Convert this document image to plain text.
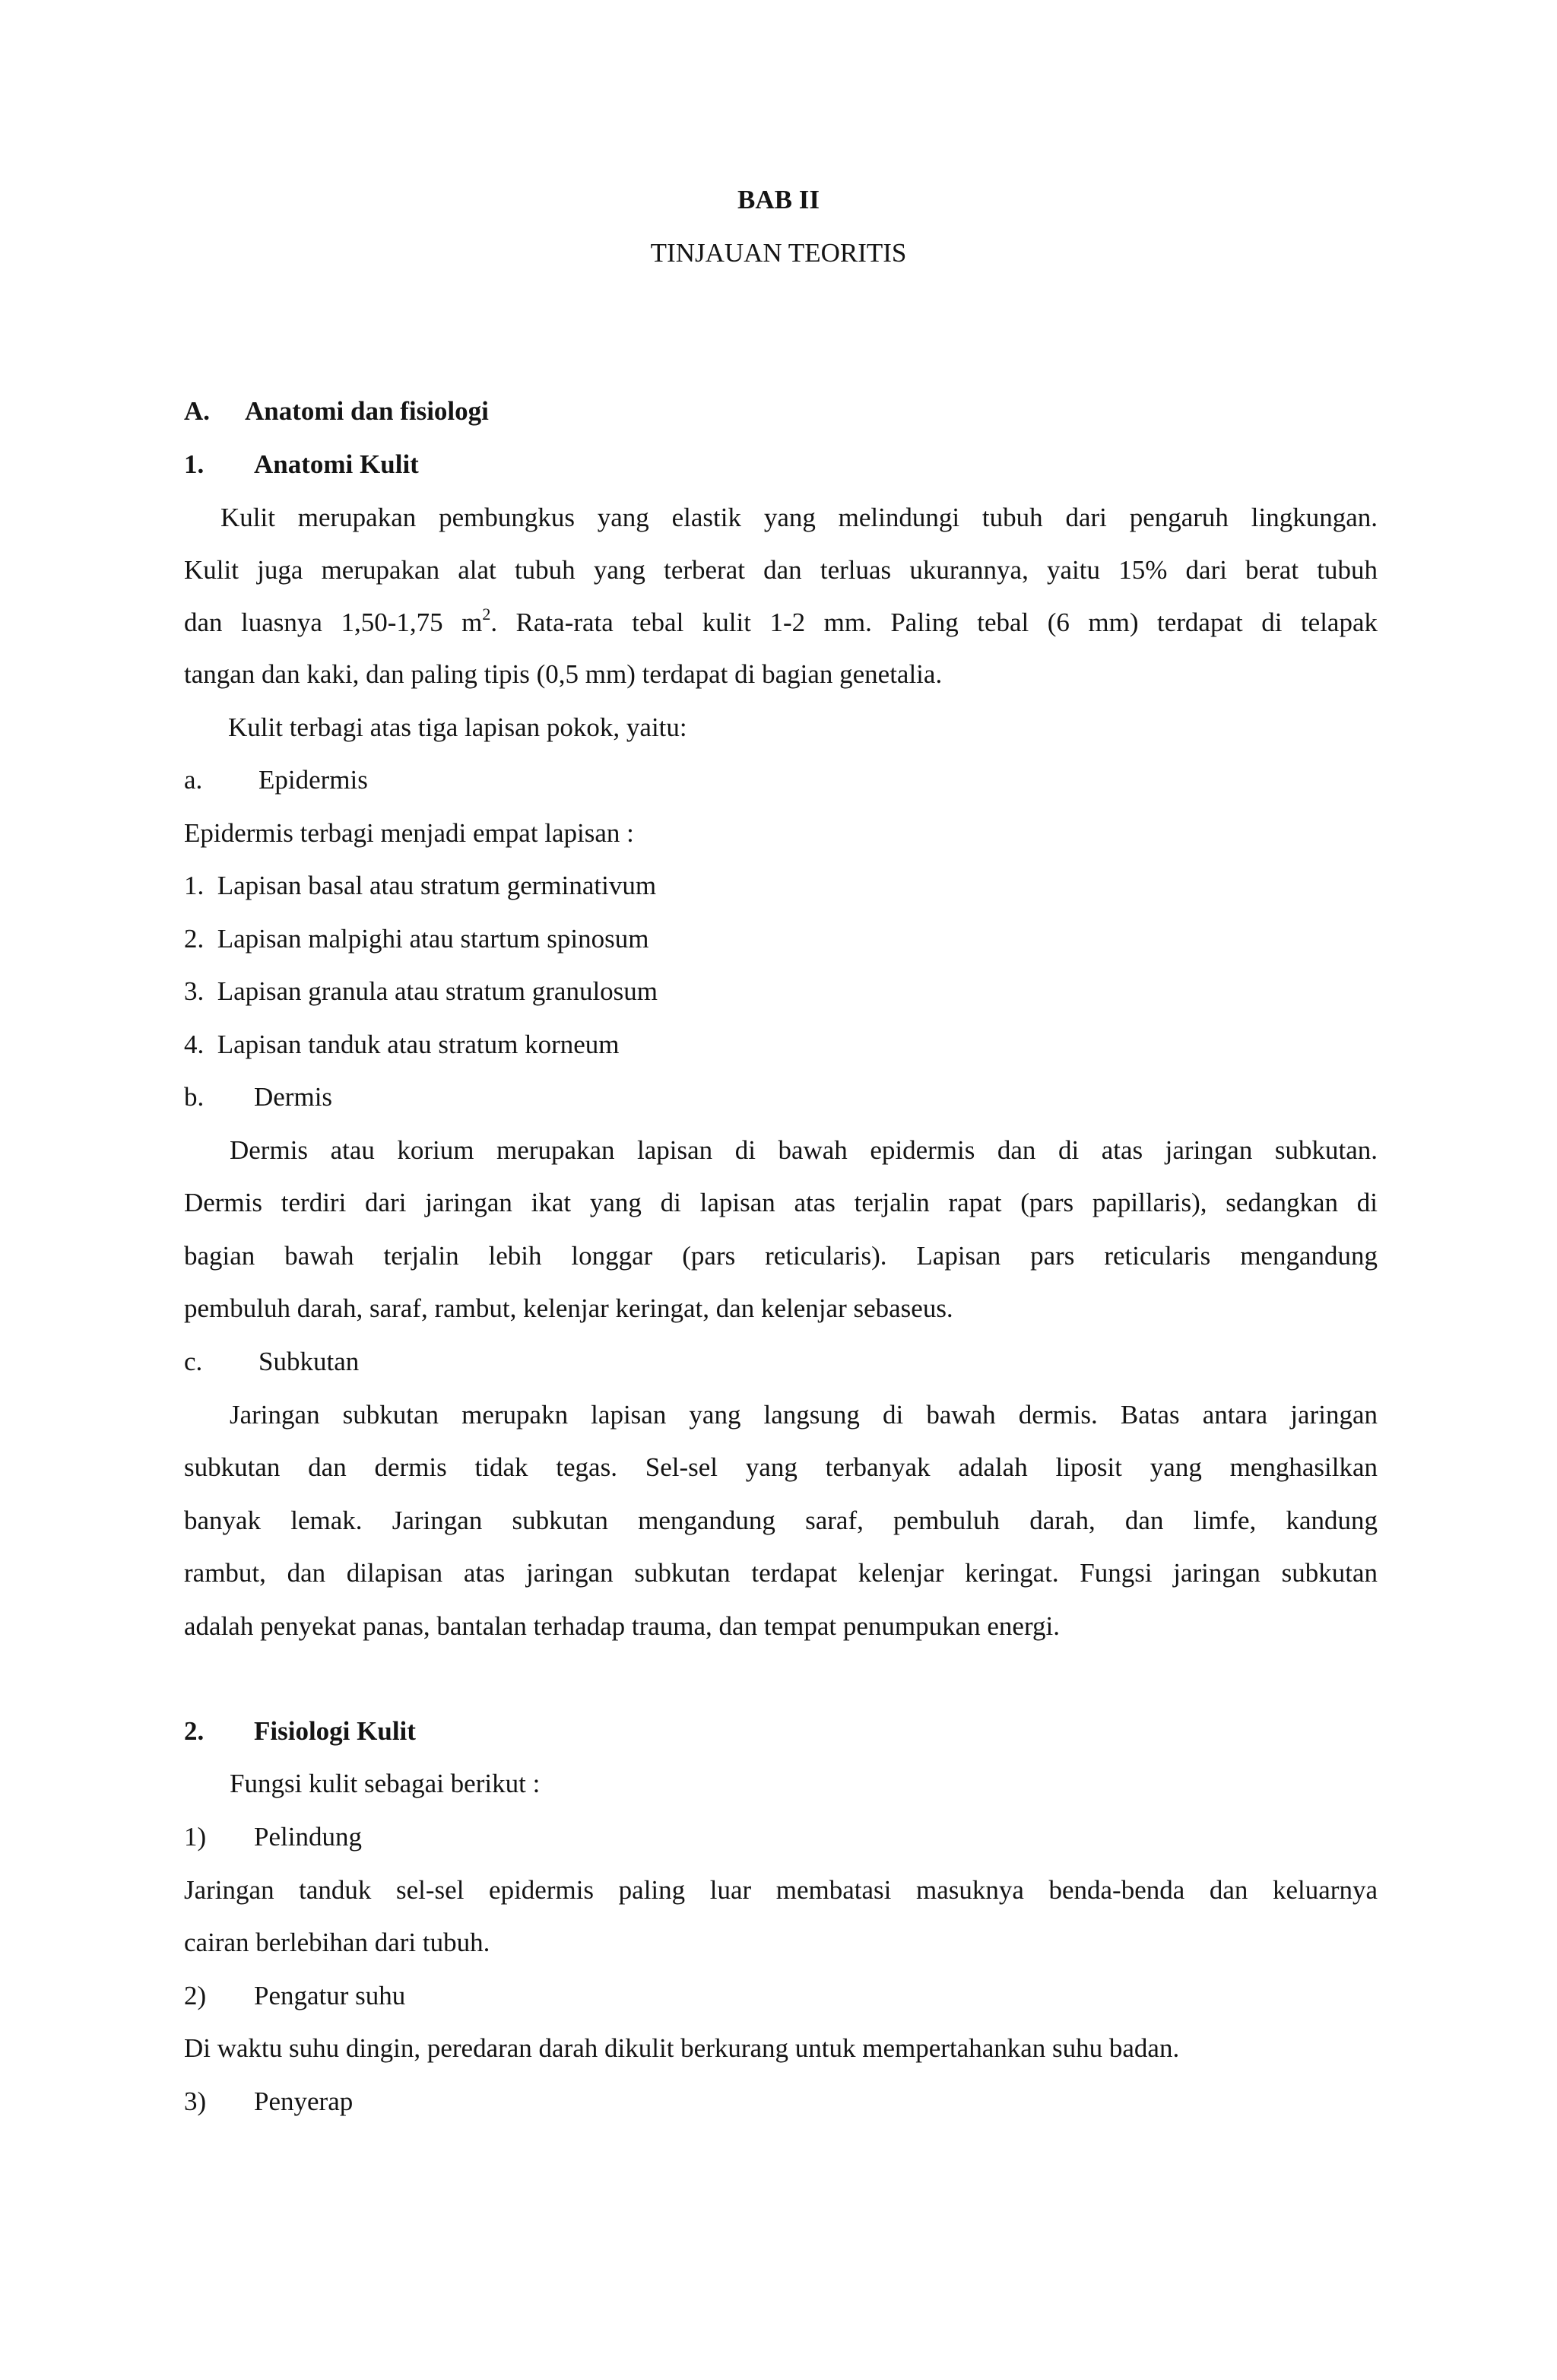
BAB II
TINJAUAN TEORITIS
A. Anatomi dan fisiologi
1. Anatomi Kulit
Kulit merupakan pembungkus yang elastik yang melindungi tubuh dari pengaruh lingkungan.
Kulit juga merupakan alat tubuh yang terberat dan terluas ukurannya, yaitu 15% dari berat tubuh
dan luasnya 1,50-1,75 $m^2$. Rata-rata tebal kulit 1-2 mm. Paling tebal (6 mm) terdapat di telapak
tangan dan kaki, dan paling tipis (0,5 mm) terdapat di bagian genetalia.
Kulit terbagi atas tiga lapisan pokok, yaitu:
a. Epidermis
Epidermis terbagi menjadi empat lapisan :
1.  Lapisan basal atau stratum germinativum
2.  Lapisan malpighi atau startum spinosum
3.  Lapisan granula atau stratum granulosum
4.  Lapisan tanduk atau stratum korneum
b. Dermis
Dermis atau korium merupakan lapisan di bawah epidermis dan di atas jaringan subkutan.
Dermis terdiri dari jaringan ikat yang di lapisan atas terjalin rapat (pars papillaris), sedangkan di
bagian bawah terjalin lebih longgar (pars reticularis). Lapisan pars reticularis mengandung
pembuluh darah, saraf, rambut, kelenjar keringat, dan kelenjar sebaseus.
c. Subkutan
Jaringan subkutan merupakn lapisan yang langsung di bawah dermis. Batas antara jaringan
subkutan dan dermis tidak tegas. Sel-sel yang terbanyak adalah liposit yang menghasilkan
banyak lemak. Jaringan subkutan mengandung saraf, pembuluh darah, dan limfe, kandung
rambut, dan dilapisan atas jaringan subkutan terdapat kelenjar keringat. Fungsi jaringan subkutan
adalah penyekat panas, bantalan terhadap trauma, dan tempat penumpukan energi.
2. Fisiologi Kulit
Fungsi kulit sebagai berikut :
1) Pelindung
Jaringan tanduk sel-sel epidermis paling luar membatasi masuknya benda-benda dan keluarnya
cairan berlebihan dari tubuh.
2) Pengatur suhu
Di waktu suhu dingin, peredaran darah dikulit berkurang untuk mempertahankan suhu badan.
3) Penyerap
